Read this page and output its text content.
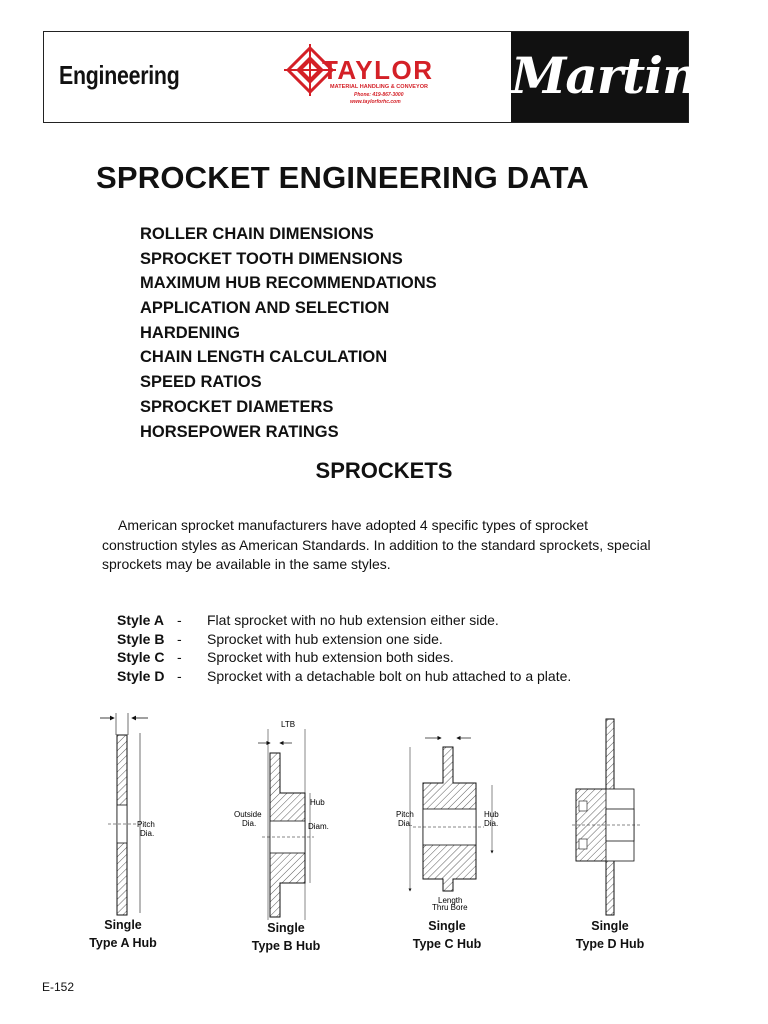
Engineering	TAYLOR
MATERIAL HANDLING & CONVEYOR
Phone: 419-867-3000
www.taylorforhc.com Martin
SPROCKET ENGINEERING DATA
ROLLER CHAIN DIMENSIONS
SPROCKET TOOTH DIMENSIONS
MAXIMUM HUB RECOMMENDATIONS
APPLICATION AND SELECTION
HARDENING
CHAIN LENGTH CALCULATION
SPEED RATIOS
SPROCKET DIAMETERS
HORSEPOWER RATINGS
SPROCKETS

American sprocket manufacturers have adopted 4 specific types of sprocket construction styles as American Standards. In addition to the standard sprockets, special sprockets may be available in the same styles.

Style A - Flat sprocket with no hub extension either side.
Style B - Sprocket with hub extension one side.
Style C - Sprocket with hub extension both sides.
Style D - Sprocket with a detachable bolt on hub attached to a plate.
Pitch
Dia.
LTB
Outside
Dia.
Hub
Diam.
Pitch
Dia.
Hub
Dia.
Length
Thru Bore
Single
Type A Hub
Single
Type B Hub
Single
Type C Hub
Single
Type D Hub
E-152
